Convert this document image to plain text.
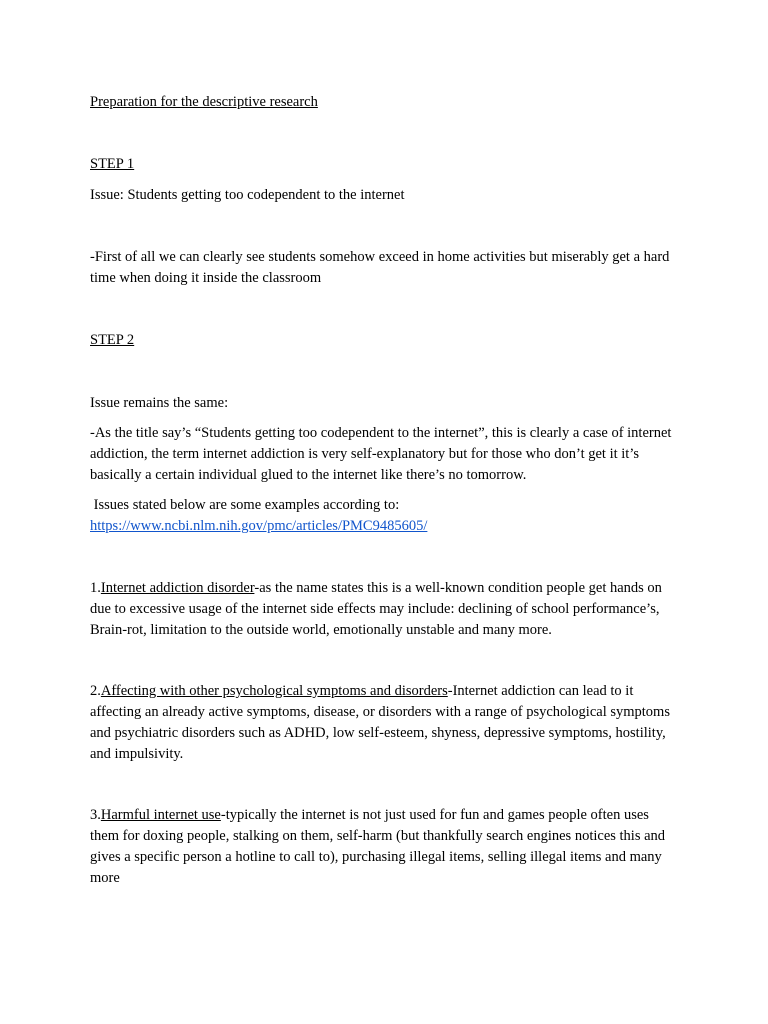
Preparation for the descriptive research

STEP 1

Issue: Students getting too codependent to the internet

-First of all we can clearly see students somehow exceed in home activities but miserably get a hard time when doing it inside the classroom

STEP 2

Issue remains the same:

-As the title say’s “Students getting too codependent to the internet”, this is clearly a case of internet addiction, the term internet addiction is very self-explanatory but for those who don’t get it it’s basically a certain individual glued to the internet like there’s no tomorrow.

Issues stated below are some examples according to:
https://www.ncbi.nlm.nih.gov/pmc/articles/PMC9485605/

1.Internet addiction disorder-as the name states this is a well-known condition people get hands on due to excessive usage of the internet side effects may include: declining of school performance’s, Brain-rot, limitation to the outside world, emotionally unstable and many more.

2.Affecting with other psychological symptoms and disorders-Internet addiction can lead to it affecting an already active symptoms, disease, or disorders with a range of psychological symptoms and psychiatric disorders such as ADHD, low self-esteem, shyness, depressive symptoms, hostility, and impulsivity.

3.Harmful internet use-typically the internet is not just used for fun and games people often uses them for doxing people, stalking on them, self-harm (but thankfully search engines notices this and gives a specific person a hotline to call to), purchasing illegal items, selling illegal items and many more
